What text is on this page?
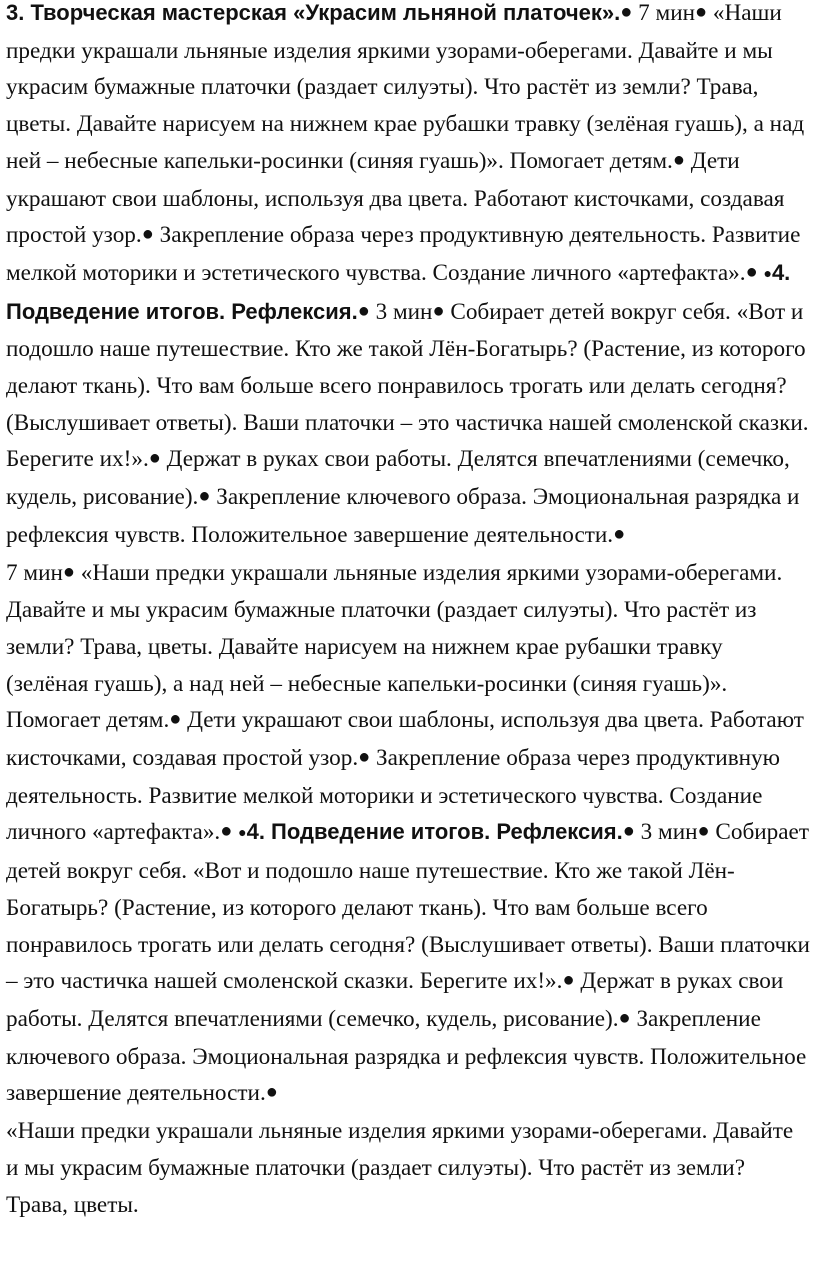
3. Творческая мастерская «Украсим льняной платочек».● 7 мин● «Наши предки украшали льняные изделия яркими узорами-оберегами. Давайте и мы украсим бумажные платочки (раздает силуэты). Что растёт из земли? Трава, цветы. Давайте нарисуем на нижнем крае рубашки травку (зелёная гуашь), а над ней – небесные капельки-росинки (синяя гуашь)». Помогает детям.● Дети украшают свои шаблоны, используя два цвета. Работают кисточками, создавая простой узор.● Закрепление образа через продуктивную деятельность. Развитие мелкой моторики и эстетического чувства. Создание личного «артефакта».● ●4. Подведение итогов. Рефлексия.● 3 мин● Собирает детей вокруг себя. «Вот и подошло наше путешествие. Кто же такой Лён-Богатырь? (Растение, из которого делают ткань). Что вам больше всего понравилось трогать или делать сегодня? (Выслушивает ответы). Ваши платочки – это частичка нашей смоленской сказки. Берегите их!».● Держат в руках свои работы. Делятся впечатлениями (семечко, кудель, рисование).● Закрепление ключевого образа. Эмоциональная разрядка и рефлексия чувств. Положительное завершение деятельности.●

7 мин● «Наши предки украшали льняные изделия яркими узорами-оберегами. Давайте и мы украсим бумажные платочки (раздает силуэты). Что растёт из земли? Трава, цветы. Давайте нарисуем на нижнем крае рубашки травку (зелёная гуашь), а над ней – небесные капельки-росинки (синяя гуашь)». Помогает детям.● Дети украшают свои шаблоны, используя два цвета. Работают кисточками, создавая простой узор.● Закрепление образа через продуктивную деятельность. Развитие мелкой моторики и эстетического чувства. Создание личного «артефакта».● ●4. Подведение итогов. Рефлексия.● 3 мин● Собирает детей вокруг себя. «Вот и подошло наше путешествие. Кто же такой Лён-Богатырь? (Растение, из которого делают ткань). Что вам больше всего понравилось трогать или делать сегодня? (Выслушивает ответы). Ваши платочки – это частичка нашей смоленской сказки. Берегите их!».● Держат в руках свои работы. Делятся впечатлениями (семечко, кудель, рисование).● Закрепление ключевого образа. Эмоциональная разрядка и рефлексия чувств. Положительное завершение деятельности.●

«Наши предки украшали льняные изделия яркими узорами-оберегами. Давайте и мы украсим бумажные платочки (раздает силуэты). Что растёт из земли? Трава, цветы.
